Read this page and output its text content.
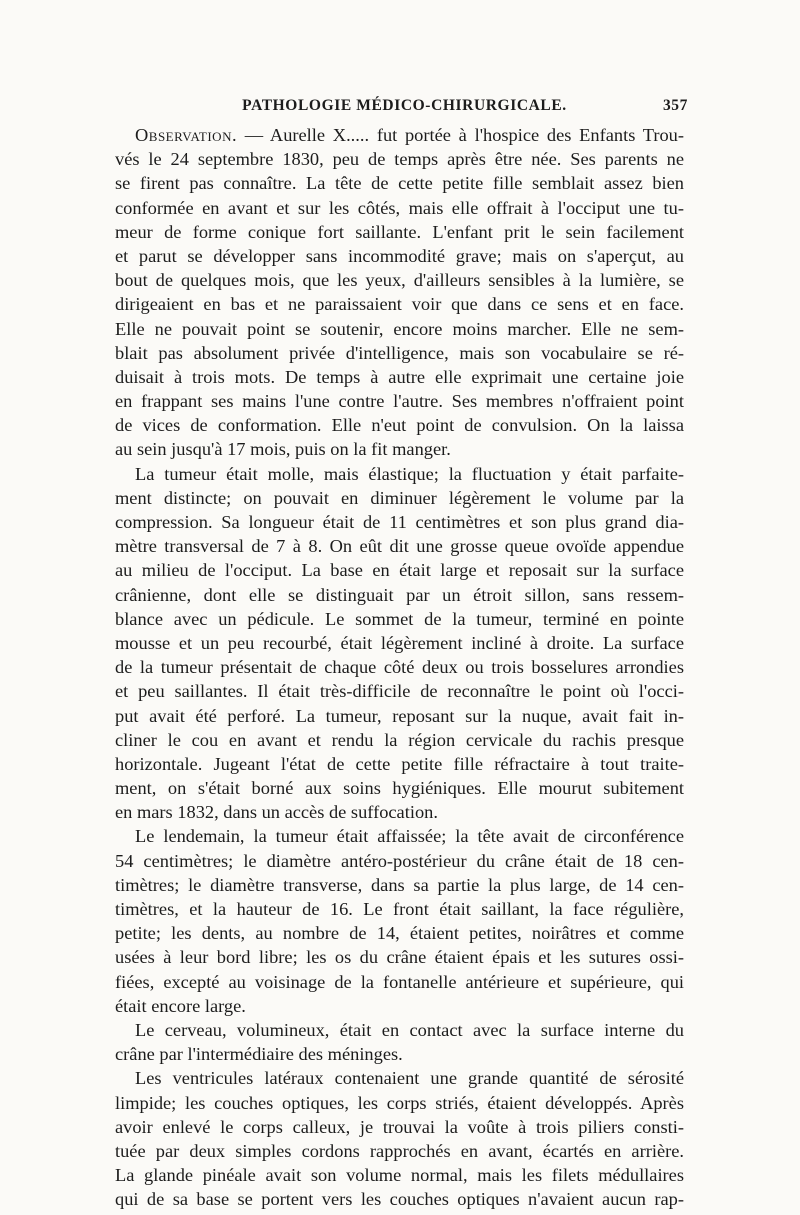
PATHOLOGIE MÉDICO-CHIRURGICALE.	357
Observation. — Aurelle X..... fut portée à l'hospice des Enfants Trou-
vés le 24 septembre 1830, peu de temps après être née. Ses parents ne
se firent pas connaître. La tête de cette petite fille semblait assez bien
conformée en avant et sur les côtés, mais elle offrait à l'occiput une tu-
meur de forme conique fort saillante. L'enfant prit le sein facilement
et parut se développer sans incommodité grave; mais on s'aperçut, au
bout de quelques mois, que les yeux, d'ailleurs sensibles à la lumière, se
dirigeaient en bas et ne paraissaient voir que dans ce sens et en face.
Elle ne pouvait point se soutenir, encore moins marcher. Elle ne sem-
blait pas absolument privée d'intelligence, mais son vocabulaire se ré-
duisait à trois mots. De temps à autre elle exprimait une certaine joie
en frappant ses mains l'une contre l'autre. Ses membres n'offraient point
de vices de conformation. Elle n'eut point de convulsion. On la laissa
au sein jusqu'à 17 mois, puis on la fit manger.
La tumeur était molle, mais élastique; la fluctuation y était parfaite-
ment distincte; on pouvait en diminuer légèrement le volume par la
compression. Sa longueur était de 11 centimètres et son plus grand dia-
mètre transversal de 7 à 8. On eût dit une grosse queue ovoïde appendue
au milieu de l'occiput. La base en était large et reposait sur la surface
crânienne, dont elle se distinguait par un étroit sillon, sans ressem-
blance avec un pédicule. Le sommet de la tumeur, terminé en pointe
mousse et un peu recourbé, était légèrement incliné à droite. La surface
de la tumeur présentait de chaque côté deux ou trois bosselures arrondies
et peu saillantes. Il était très-difficile de reconnaître le point où l'occi-
put avait été perforé. La tumeur, reposant sur la nuque, avait fait in-
cliner le cou en avant et rendu la région cervicale du rachis presque
horizontale. Jugeant l'état de cette petite fille réfractaire à tout traite-
ment, on s'était borné aux soins hygiéniques. Elle mourut subitement
en mars 1832, dans un accès de suffocation.
Le lendemain, la tumeur était affaissée; la tête avait de circonférence
54 centimètres; le diamètre antéro-postérieur du crâne était de 18 cen-
timètres; le diamètre transverse, dans sa partie la plus large, de 14 cen-
timètres, et la hauteur de 16. Le front était saillant, la face régulière,
petite; les dents, au nombre de 14, étaient petites, noirâtres et comme
usées à leur bord libre; les os du crâne étaient épais et les sutures ossi-
fiées, excepté au voisinage de la fontanelle antérieure et supérieure, qui
était encore large.
Le cerveau, volumineux, était en contact avec la surface interne du
crâne par l'intermédiaire des méninges.
Les ventricules latéraux contenaient une grande quantité de sérosité
limpide; les couches optiques, les corps striés, étaient développés. Après
avoir enlevé le corps calleux, je trouvai la voûte à trois piliers consti-
tuée par deux simples cordons rapprochés en avant, écartés en arrière.
La glande pinéale avait son volume normal, mais les filets médullaires
qui de sa base se portent vers les couches optiques n'avaient aucun rap-
